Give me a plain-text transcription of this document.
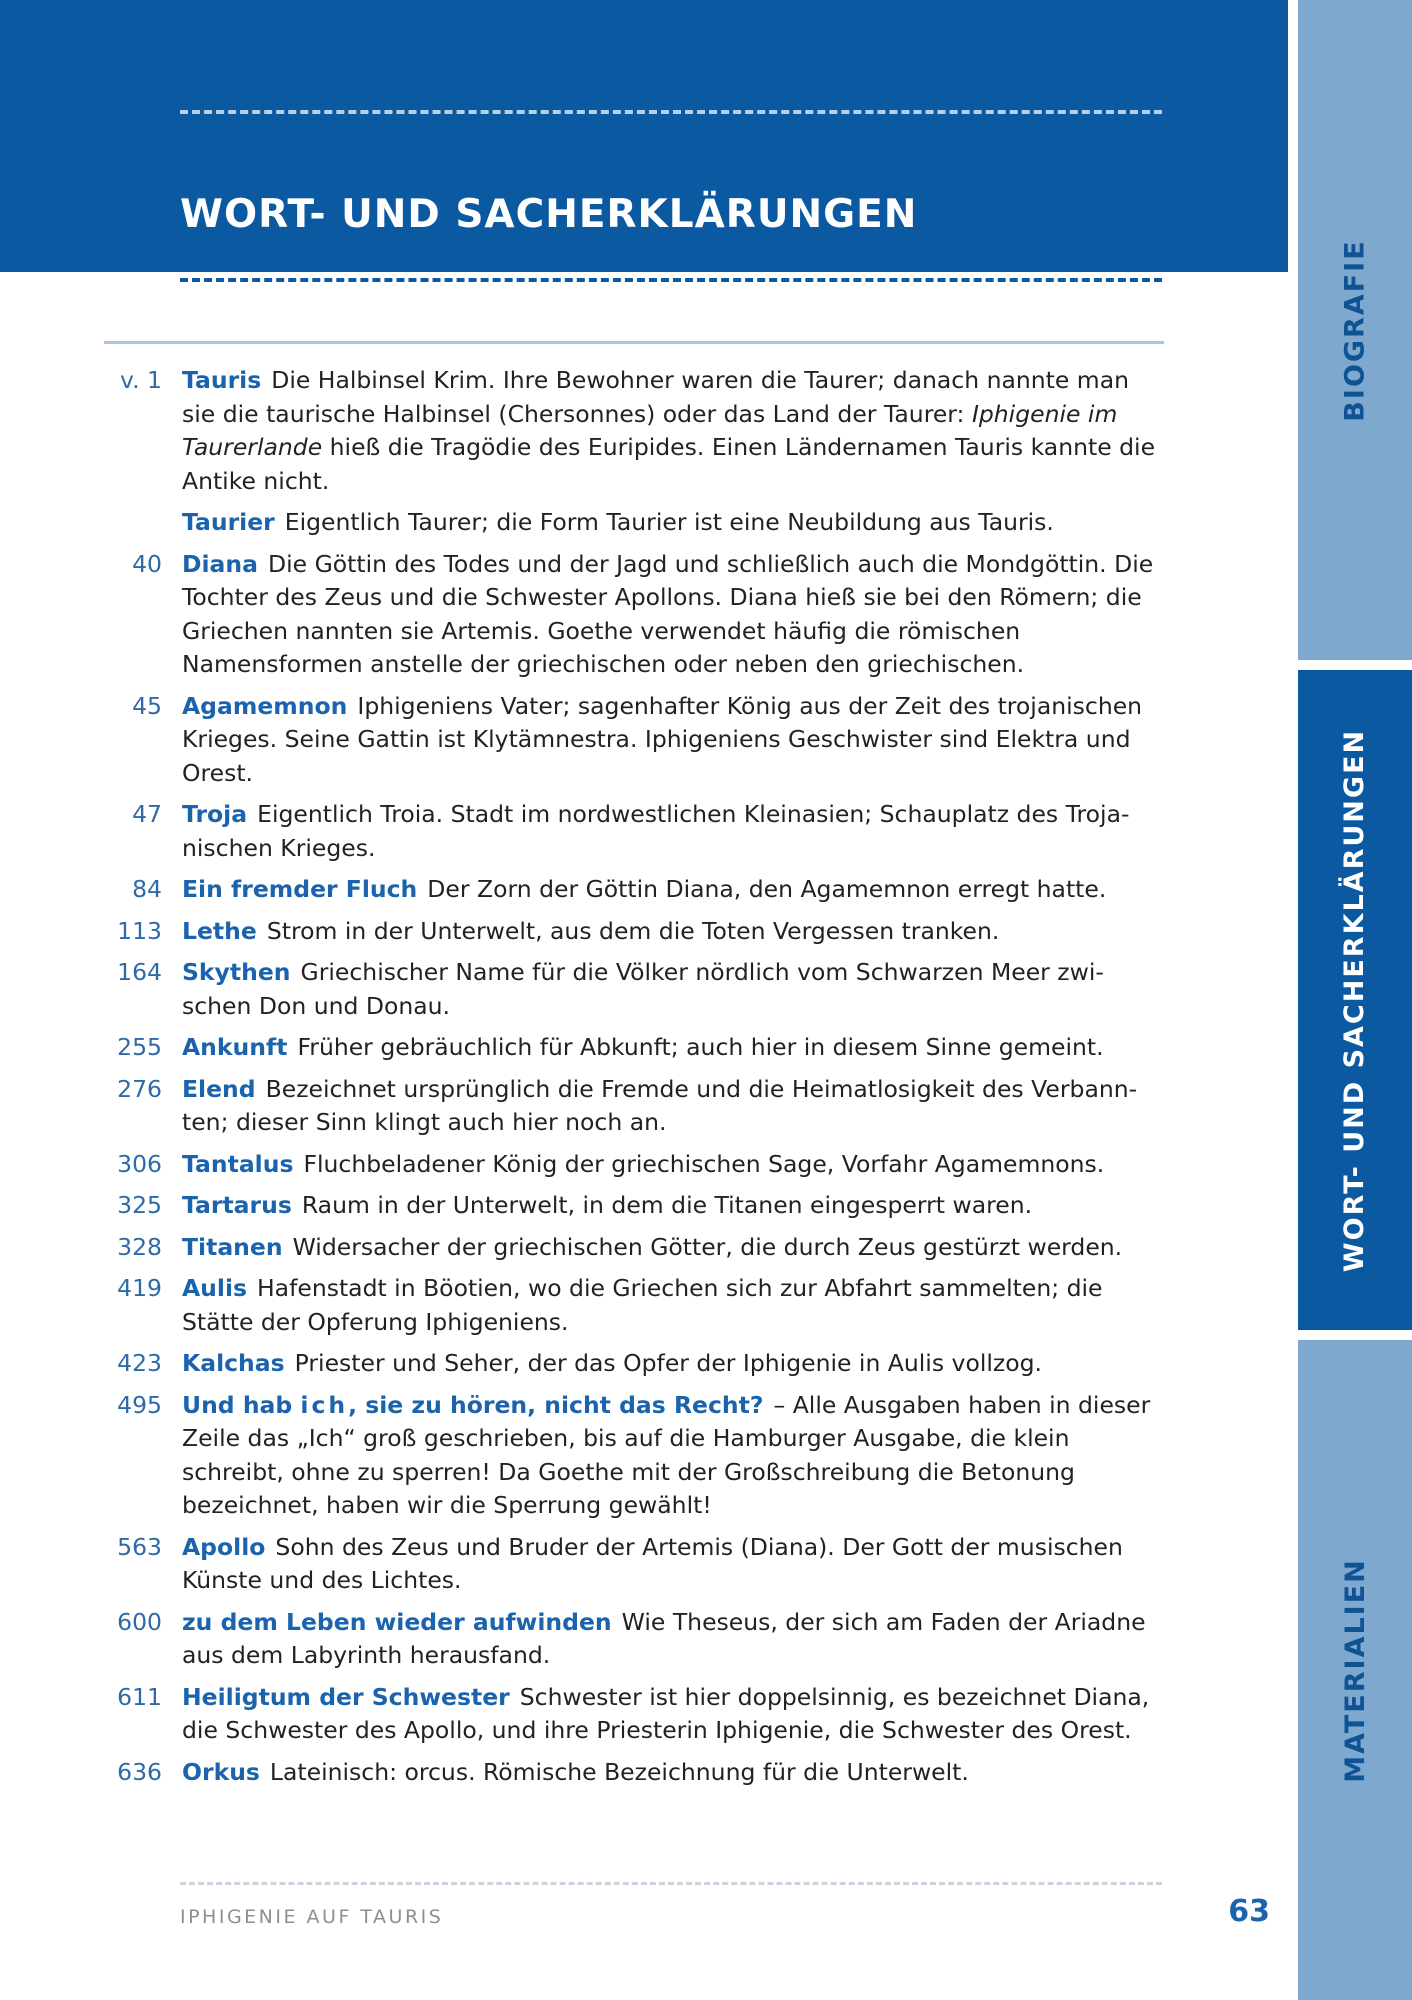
WORT- UND SACHERKLÄRUNGEN
v. 1 Tauris Die Halbinsel Krim. Ihre Bewohner waren die Taurer; danach nannte man sie die taurische Halbinsel (Chersonnes) oder das Land der Taurer: Iphigenie im Taurerlande hieß die Tragödie des Euripides. Einen Ländernamen Tauris kannte die Antike nicht.
Taurier Eigentlich Taurer; die Form Taurier ist eine Neubildung aus Tauris.
40 Diana Die Göttin des Todes und der Jagd und schließlich auch die Mondgöttin. Die Tochter des Zeus und die Schwester Apollons. Diana hieß sie bei den Römern; die Griechen nannten sie Artemis. Goethe verwendet häufig die römischen Namensformen anstelle der griechischen oder neben den griechischen.
45 Agamemnon Iphigeniens Vater; sagenhafter König aus der Zeit des trojanischen Krieges. Seine Gattin ist Klytämnestra. Iphigeniens Geschwister sind Elektra und Orest.
47 Troja Eigentlich Troia. Stadt im nordwestlichen Kleinasien; Schauplatz des Troja-nischen Krieges.
84 Ein fremder Fluch Der Zorn der Göttin Diana, den Agamemnon erregt hatte.
113 Lethe Strom in der Unterwelt, aus dem die Toten Vergessen tranken.
164 Skythen Griechischer Name für die Völker nördlich vom Schwarzen Meer zwi-schen Don und Donau.
255 Ankunft Früher gebräuchlich für Abkunft; auch hier in diesem Sinne gemeint.
276 Elend Bezeichnet ursprünglich die Fremde und die Heimatlosigkeit des Verbann-ten; dieser Sinn klingt auch hier noch an.
306 Tantalus Fluchbeladener König der griechischen Sage, Vorfahr Agamemnons.
325 Tartarus Raum in der Unterwelt, in dem die Titanen eingesperrt waren.
328 Titanen Widersacher der griechischen Götter, die durch Zeus gestürzt werden.
419 Aulis Hafenstadt in Böotien, wo die Griechen sich zur Abfahrt sammelten; die Stätte der Opferung Iphigeniens.
423 Kalchas Priester und Seher, der das Opfer der Iphigenie in Aulis vollzog.
495 Und hab ich, sie zu hören, nicht das Recht? – Alle Ausgaben haben in dieser Zeile das „Ich“ groß geschrieben, bis auf die Hamburger Ausgabe, die klein schreibt, ohne zu sperren! Da Goethe mit der Großschreibung die Betonung bezeichnet, haben wir die Sperrung gewählt!
563 Apollo Sohn des Zeus und Bruder der Artemis (Diana). Der Gott der musischen Künste und des Lichtes.
600 zu dem Leben wieder aufwinden Wie Theseus, der sich am Faden der Ariadne aus dem Labyrinth herausfand.
611 Heiligtum der Schwester Schwester ist hier doppelsinnig, es bezeichnet Diana, die Schwester des Apollo, und ihre Priesterin Iphigenie, die Schwester des Orest.
636 Orkus Lateinisch: orcus. Römische Bezeichnung für die Unterwelt.
BIOGRAFIE
WORT- UND SACHERKLÄRUNGEN
MATERIALIEN
IPHIGENIE AUF TAURIS	63
